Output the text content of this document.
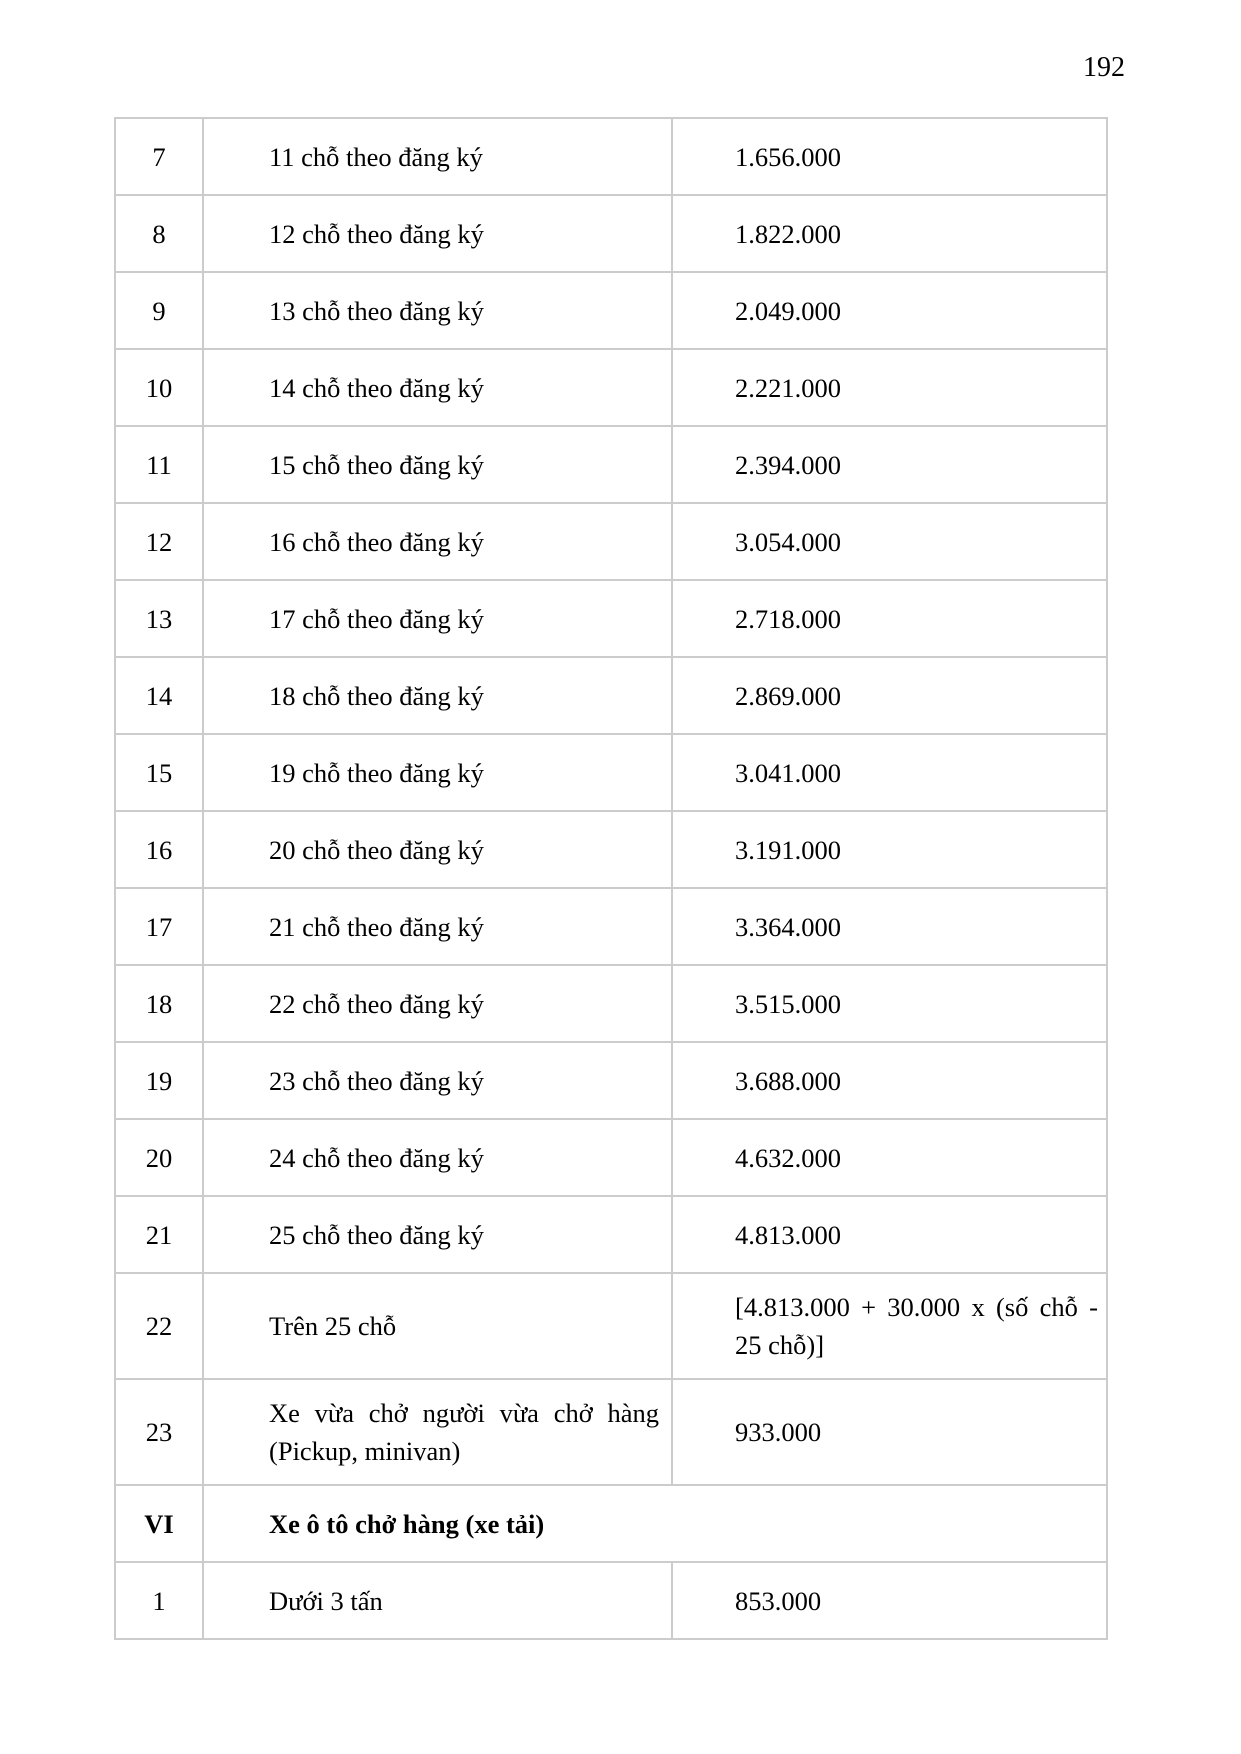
192
7	11 chỗ theo đăng ký	1.656.000
8	12 chỗ theo đăng ký	1.822.000
9	13 chỗ theo đăng ký	2.049.000
10	14 chỗ theo đăng ký	2.221.000
11	15 chỗ theo đăng ký	2.394.000
12	16 chỗ theo đăng ký	3.054.000
13	17 chỗ theo đăng ký	2.718.000
14	18 chỗ theo đăng ký	2.869.000
15	19 chỗ theo đăng ký	3.041.000
16	20 chỗ theo đăng ký	3.191.000
17	21 chỗ theo đăng ký	3.364.000
18	22 chỗ theo đăng ký	3.515.000
19	23 chỗ theo đăng ký	3.688.000
20	24 chỗ theo đăng ký	4.632.000
21	25 chỗ theo đăng ký	4.813.000
22	Trên 25 chỗ	[4.813.000 + 30.000 x (số chỗ - 25 chỗ)]
23	Xe vừa chở người vừa chở hàng (Pickup, minivan)	933.000
VI	Xe ô tô chở hàng (xe tải)	
1	Dưới 3 tấn	853.000
